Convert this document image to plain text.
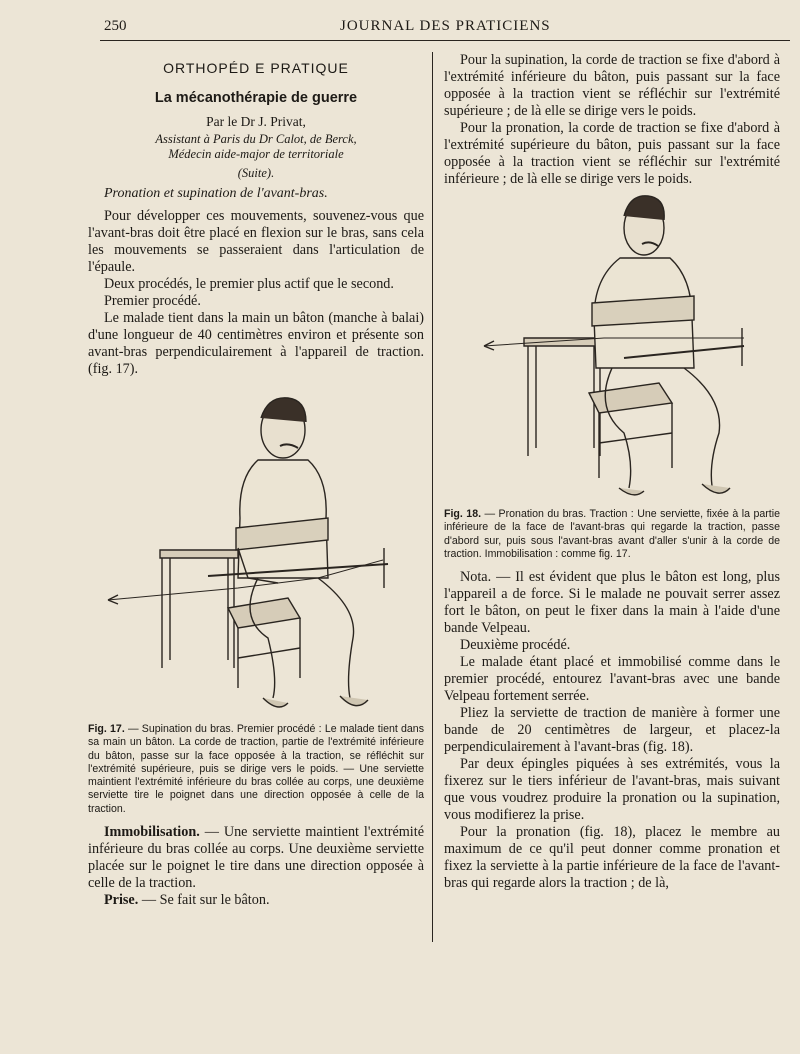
250	JOURNAL DES PRATICIENS
ORTHOPÉD E PRATIQUE
La mécanothérapie de guerre
Par le Dr J. Privat,
Assistant à Paris du Dr Calot, de Berck,
Médecin aide-major de territoriale
(Suite).
Pronation et supination de l'avant-bras.

Pour développer ces mouvements, souvenez-vous que l'avant-bras doit être placé en flexion sur le bras, sans cela les mouvements se passeraient dans l'articulation de l'épaule.

Deux procédés, le premier plus actif que le second.

Premier procédé.

Le malade tient dans la main un bâton (manche à balai) d'une longueur de 40 centimètres environ et présente son avant-bras perpendiculairement à l'appareil de traction. (fig. 17).

Fig. 17. — Supination du bras. Premier procédé : Le malade tient dans sa main un bâton. La corde de traction, partie de l'extrémité inférieure du bâton, passe sur la face opposée à la traction, se réfléchit sur l'extrémité supérieure, puis se dirige vers le poids. — Une serviette maintient l'extrémité inférieure du bras collée au corps, une deuxième serviette tire le poignet dans une direction opposée à celle de la traction.

Immobilisation. — Une serviette maintient l'extrémité inférieure du bras collée au corps. Une deuxième serviette placée sur le poignet le tire dans une direction opposée à celle de la traction.

Prise. — Se fait sur le bâton.

Pour la supination, la corde de traction se fixe d'abord à l'extrémité inférieure du bâton, puis passant sur la face opposée à la traction vient se réfléchir sur l'extrémité supérieure ; de là elle se dirige vers le poids.

Pour la pronation, la corde de traction se fixe d'abord à l'extrémité supérieure du bâton, puis passant sur la face opposée à la traction vient se réfléchir sur l'extrémité inférieure ; de là elle se dirige vers le poids.

Fig. 18. — Pronation du bras. Traction : Une serviette, fixée à la partie inférieure de la face de l'avant-bras qui regarde la traction, passe d'abord sur, puis sous l'avant-bras avant d'aller s'unir à la corde de traction. Immobilisation : comme fig. 17.

Nota. — Il est évident que plus le bâton est long, plus l'appareil a de force. Si le malade ne pouvait serrer assez fort le bâton, on peut le fixer dans la main à l'aide d'une bande Velpeau.

Deuxième procédé.

Le malade étant placé et immobilisé comme dans le premier procédé, entourez l'avant-bras avec une bande Velpeau fortement serrée.

Pliez la serviette de traction de manière à former une bande de 20 centimètres de largeur, et placez-la perpendiculairement à l'avant-bras (fig. 18).

Par deux épingles piquées à ses extrémités, vous la fixerez sur le tiers inférieur de l'avant-bras, mais suivant que vous voudrez produire la pronation ou la supination, vous modifierez la prise.

Pour la pronation (fig. 18), placez le membre au maximum de ce qu'il peut donner comme pronation et fixez la serviette à la partie inférieure de la face de l'avant-bras qui regarde alors la traction ; de là,
